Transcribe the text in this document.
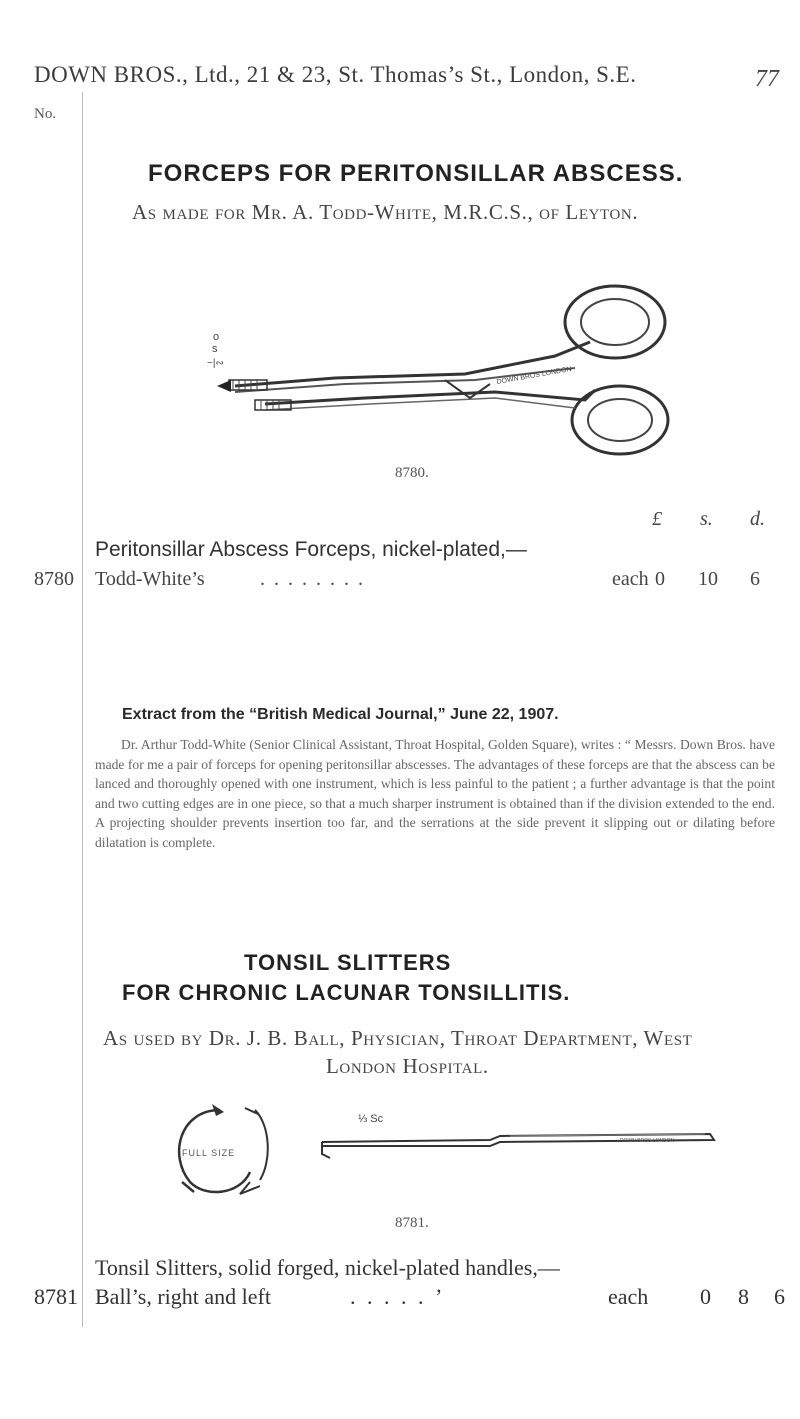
DOWN BROS., Ltd., 21 & 23, St. Thomas’s St., London, S.E.	77
No.
FORCEPS FOR PERITONSILLAR ABSCESS.
As made for Mr. A. Todd-White, M.R.C.S., of Leyton.
o
s
−|∾
DOWN BROS LONDON
8780.
£ s. d.
Peritonsillar Abscess Forceps, nickel-plated,—
8780 Todd-White’s	. . . . . . . .	each 0 10 6
Extract from the “British Medical Journal,” June 22, 1907.
Dr. Arthur Todd-White (Senior Clinical Assistant, Throat Hospital, Golden Square), writes : “ Messrs. Down Bros. have made for me a pair of forceps for opening peritonsillar abscesses. The advantages of these forceps are that the abscess can be lanced and thoroughly opened with one instrument, which is less painful to the patient ; a further advantage is that the point and two cutting edges are in one piece, so that a much sharper instrument is obtained than if the division extended to the end. A projecting shoulder prevents insertion too far, and the serrations at the side prevent it slipping out or dilating before dilatation is complete.
TONSIL SLITTERS
FOR CHRONIC LACUNAR TONSILLITIS.
As used by Dr. J. B. Ball, Physician, Throat Department, West
London Hospital.
FULL SIZE
⅓ Sc
DOWN BROS LONDON
8781.
Tonsil Slitters, solid forged, nickel-plated handles,—
8781 Ball’s, right and left	. . . . . ’	each 0 8 6
